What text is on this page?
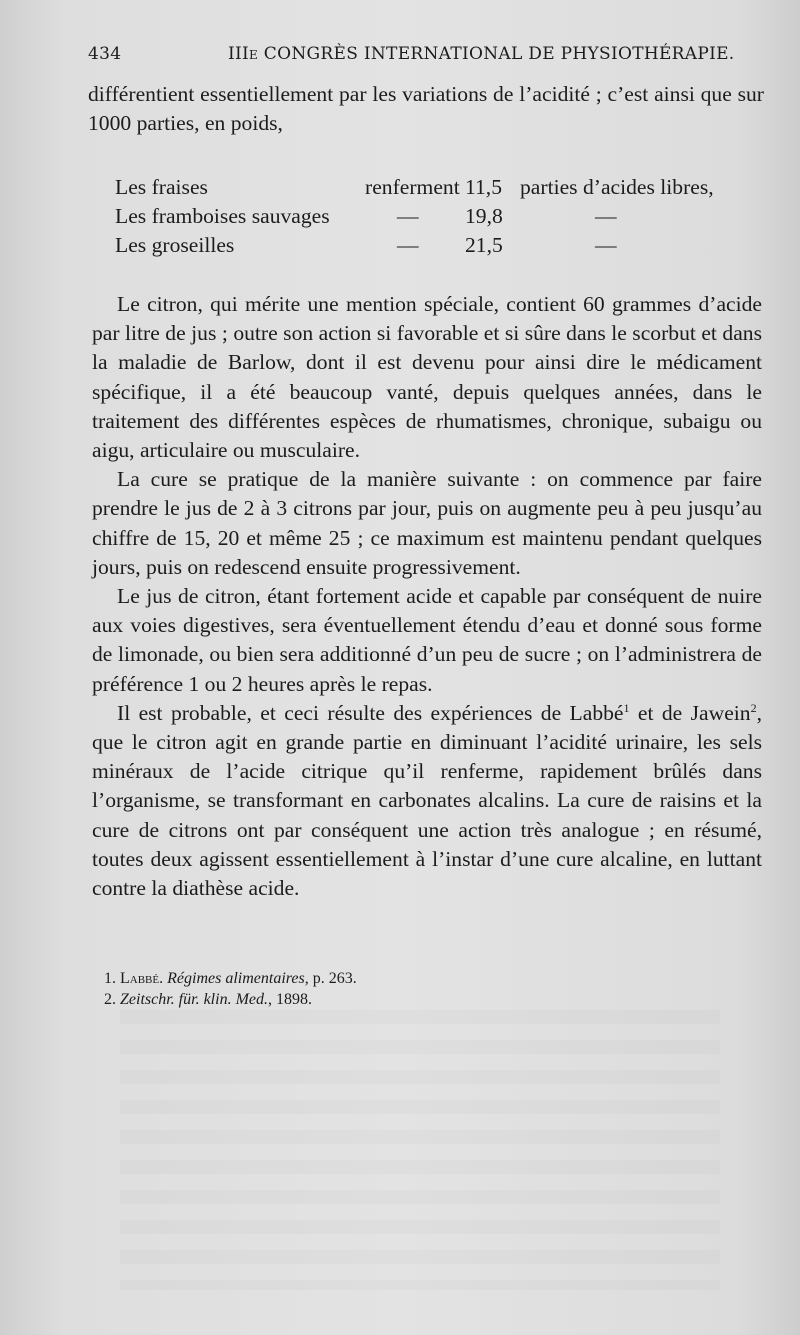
434	IIIe CONGRÈS INTERNATIONAL DE PHYSIOTHÉRAPIE.

différentient essentiellement par les variations de l’acidité ; c’est ainsi que sur 1000 parties, en poids,

Les fraises	renferment 11,5 parties d’acides libres,
Les framboises sauvages	— 19,8	—
Les groseilles	— 21,5	—

Le citron, qui mérite une mention spéciale, contient 60 grammes d’acide par litre de jus ; outre son action si favorable et si sûre dans le scorbut et dans la maladie de Barlow, dont il est devenu pour ainsi dire le médicament spécifique, il a été beaucoup vanté, depuis quelques années, dans le traitement des différentes espèces de rhumatismes, chronique, subaigu ou aigu, articulaire ou musculaire.

La cure se pratique de la manière suivante : on commence par faire prendre le jus de 2 à 3 citrons par jour, puis on augmente peu à peu jusqu’au chiffre de 15, 20 et même 25 ; ce maximum est maintenu pendant quelques jours, puis on redescend ensuite progressivement.

Le jus de citron, étant fortement acide et capable par conséquent de nuire aux voies digestives, sera éventuellement étendu d’eau et donné sous forme de limonade, ou bien sera additionné d’un peu de sucre ; on l’administrera de préférence 1 ou 2 heures après le repas.

Il est probable, et ceci résulte des expériences de Labbé$^1$ et de Jawein$^2$, que le citron agit en grande partie en diminuant l’acidité urinaire, les sels minéraux de l’acide citrique qu’il renferme, rapidement brûlés dans l’organisme, se transformant en carbonates alcalins. La cure de raisins et la cure de citrons ont par conséquent une action très analogue ; en résumé, toutes deux agissent essentiellement à l’instar d’une cure alcaline, en luttant contre la diathèse acide.

1. Labbé. Régimes alimentaires, p. 263.
2. Zeitschr. für. klin. Med., 1898.
